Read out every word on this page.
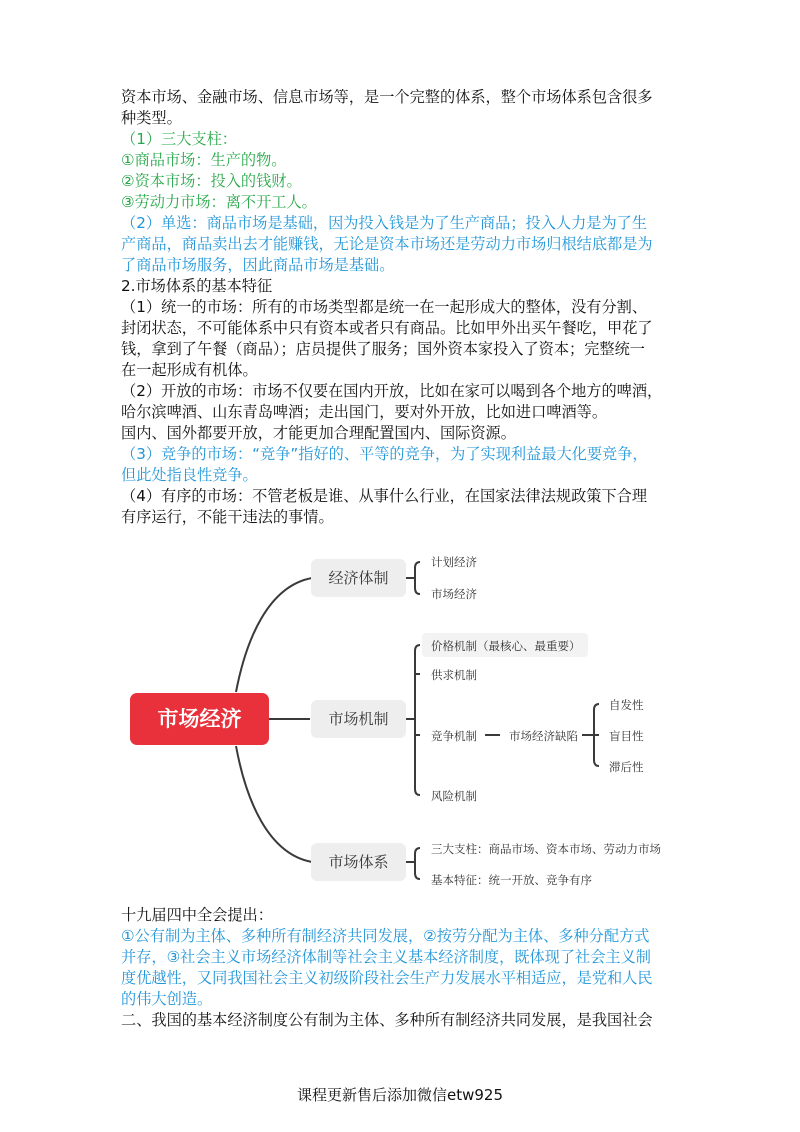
资本市场、金融市场、信息市场等，是一个完整的体系，整个市场体系包含很多
种类型。
（1）三大支柱：
①商品市场：生产的物。
②资本市场：投入的钱财。
③劳动力市场：离不开工人。
（2）单选：商品市场是基础，因为投入钱是为了生产商品；投入人力是为了生
产商品，商品卖出去才能赚钱，无论是资本市场还是劳动力市场归根结底都是为
了商品市场服务，因此商品市场是基础。
2.市场体系的基本特征
（1）统一的市场：所有的市场类型都是统一在一起形成大的整体，没有分割、
封闭状态，不可能体系中只有资本或者只有商品。比如甲外出买午餐吃，甲花了
钱，拿到了午餐（商品）；店员提供了服务；国外资本家投入了资本；完整统一
在一起形成有机体。
（2）开放的市场：市场不仅要在国内开放，比如在家可以喝到各个地方的啤酒，
哈尔滨啤酒、山东青岛啤酒；走出国门，要对外开放，比如进口啤酒等。
国内、国外都要开放，才能更加合理配置国内、国际资源。
（3）竞争的市场：“竞争”指好的、平等的竞争，为了实现利益最大化要竞争，
但此处指良性竞争。
（4）有序的市场：不管老板是谁、从事什么行业，在国家法律法规政策下合理
有序运行，不能干违法的事情。
市场经济
经济体制
市场机制
市场体系
计划经济
市场经济
价格机制（最核心、最重要）
供求机制
竞争机制	市场经济缺陷
自发性
盲目性
滞后性
风险机制
三大支柱：商品市场、资本市场、劳动力市场
基本特征：统一开放、竞争有序
十九届四中全会提出：
①公有制为主体、多种所有制经济共同发展，②按劳分配为主体、多种分配方式
并存，③社会主义市场经济体制等社会主义基本经济制度，既体现了社会主义制
度优越性，又同我国社会主义初级阶段社会生产力发展水平相适应，是党和人民
的伟大创造。
二、我国的基本经济制度公有制为主体、多种所有制经济共同发展，是我国社会
课程更新售后添加微信etw925
